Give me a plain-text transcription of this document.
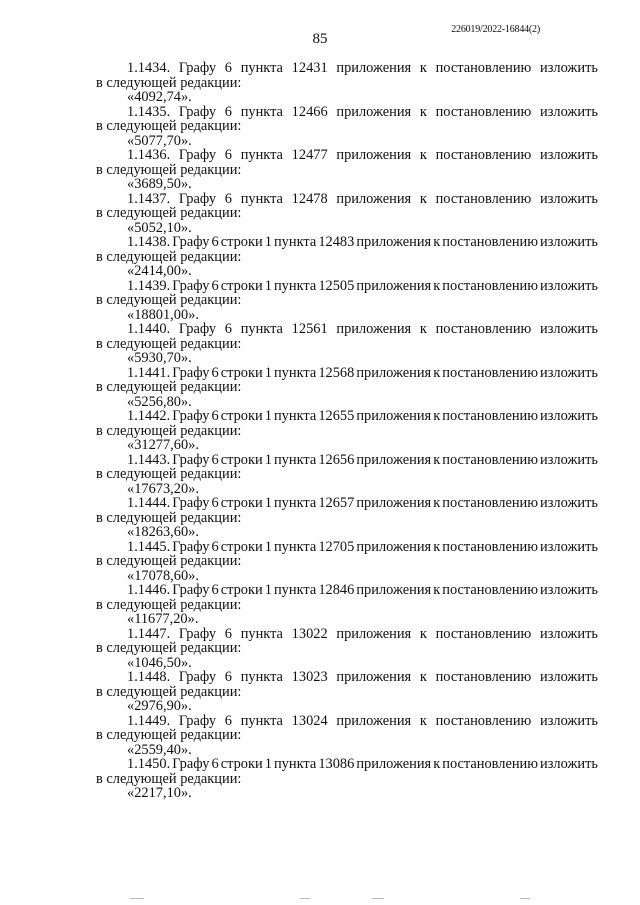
85
226019/2022-16844(2)
1.1434. Графу 6 пункта 12431 приложения к постановлению изложить
в следующей редакции:
«4092,74».
1.1435. Графу 6 пункта 12466 приложения к постановлению изложить
в следующей редакции:
«5077,70».
1.1436. Графу 6 пункта 12477 приложения к постановлению изложить
в следующей редакции:
«3689,50».
1.1437. Графу 6 пункта 12478 приложения к постановлению изложить
в следующей редакции:
«5052,10».
1.1438. Графу 6 строки 1 пункта 12483 приложения к постановлению изложить
в следующей редакции:
«2414,00».
1.1439. Графу 6 строки 1 пункта 12505 приложения к постановлению изложить
в следующей редакции:
«18801,00».
1.1440. Графу 6 пункта 12561 приложения к постановлению изложить
в следующей редакции:
«5930,70».
1.1441. Графу 6 строки 1 пункта 12568 приложения к постановлению изложить
в следующей редакции:
«5256,80».
1.1442. Графу 6 строки 1 пункта 12655 приложения к постановлению изложить
в следующей редакции:
«31277,60».
1.1443. Графу 6 строки 1 пункта 12656 приложения к постановлению изложить
в следующей редакции:
«17673,20».
1.1444. Графу 6 строки 1 пункта 12657 приложения к постановлению изложить
в следующей редакции:
«18263,60».
1.1445. Графу 6 строки 1 пункта 12705 приложения к постановлению изложить
в следующей редакции:
«17078,60».
1.1446. Графу 6 строки 1 пункта 12846 приложения к постановлению изложить
в следующей редакции:
«11677,20».
1.1447. Графу 6 пункта 13022 приложения к постановлению изложить
в следующей редакции:
«1046,50».
1.1448. Графу 6 пункта 13023 приложения к постановлению изложить
в следующей редакции:
«2976,90».
1.1449. Графу 6 пункта 13024 приложения к постановлению изложить
в следующей редакции:
«2559,40».
1.1450. Графу 6 строки 1 пункта 13086 приложения к постановлению изложить
в следующей редакции:
«2217,10».
